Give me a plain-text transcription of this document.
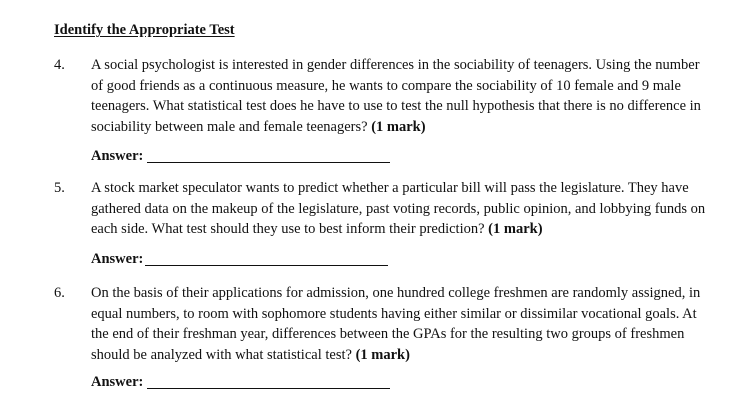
Identify the Appropriate Test
4. A social psychologist is interested in gender differences in the sociability of teenagers. Using the number
of good friends as a continuous measure, he wants to compare the sociability of 10 female and 9 male
teenagers. What statistical test does he have to use to test the null hypothesis that there is no difference in
sociability between male and female teenagers? (1 mark)
Answer:
5. A stock market speculator wants to predict whether a particular bill will pass the legislature. They have
gathered data on the makeup of the legislature, past voting records, public opinion, and lobbying funds on
each side. What test should they use to best inform their prediction? (1 mark)
Answer:
6. On the basis of their applications for admission, one hundred college freshmen are randomly assigned, in
equal numbers, to room with sophomore students having either similar or dissimilar vocational goals. At
the end of their freshman year, differences between the GPAs for the resulting two groups of freshmen
should be analyzed with what statistical test? (1 mark)
Answer:
